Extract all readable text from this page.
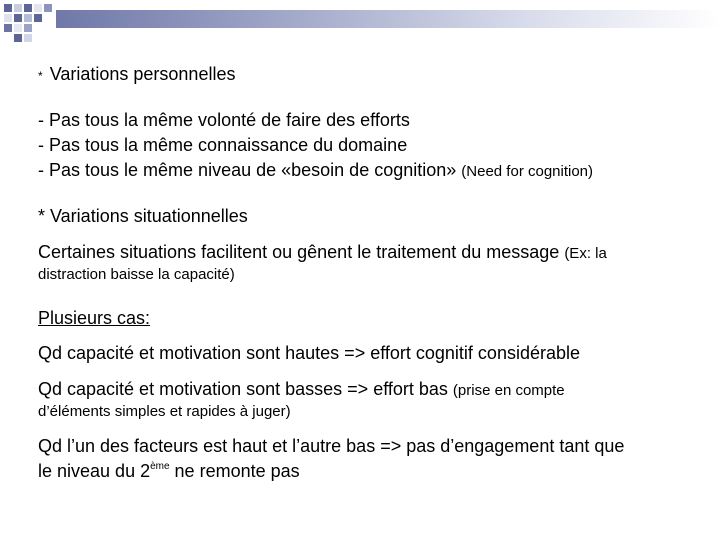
* Variations personnelles
- Pas tous la même volonté de faire des efforts
- Pas tous la même connaissance du domaine
- Pas tous le même niveau de «besoin de cognition» (Need for cognition)
* Variations situationnelles
Certaines situations facilitent ou gênent le traitement du message (Ex: la
distraction baisse la capacité)
Plusieurs cas:
Qd capacité et motivation sont hautes => effort cognitif considérable
Qd capacité et motivation sont basses => effort bas (prise en compte
d’éléments simples et rapides à juger)
Qd l’un des facteurs est haut et l’autre bas => pas d’engagement tant que
le niveau du 2ème ne remonte pas
